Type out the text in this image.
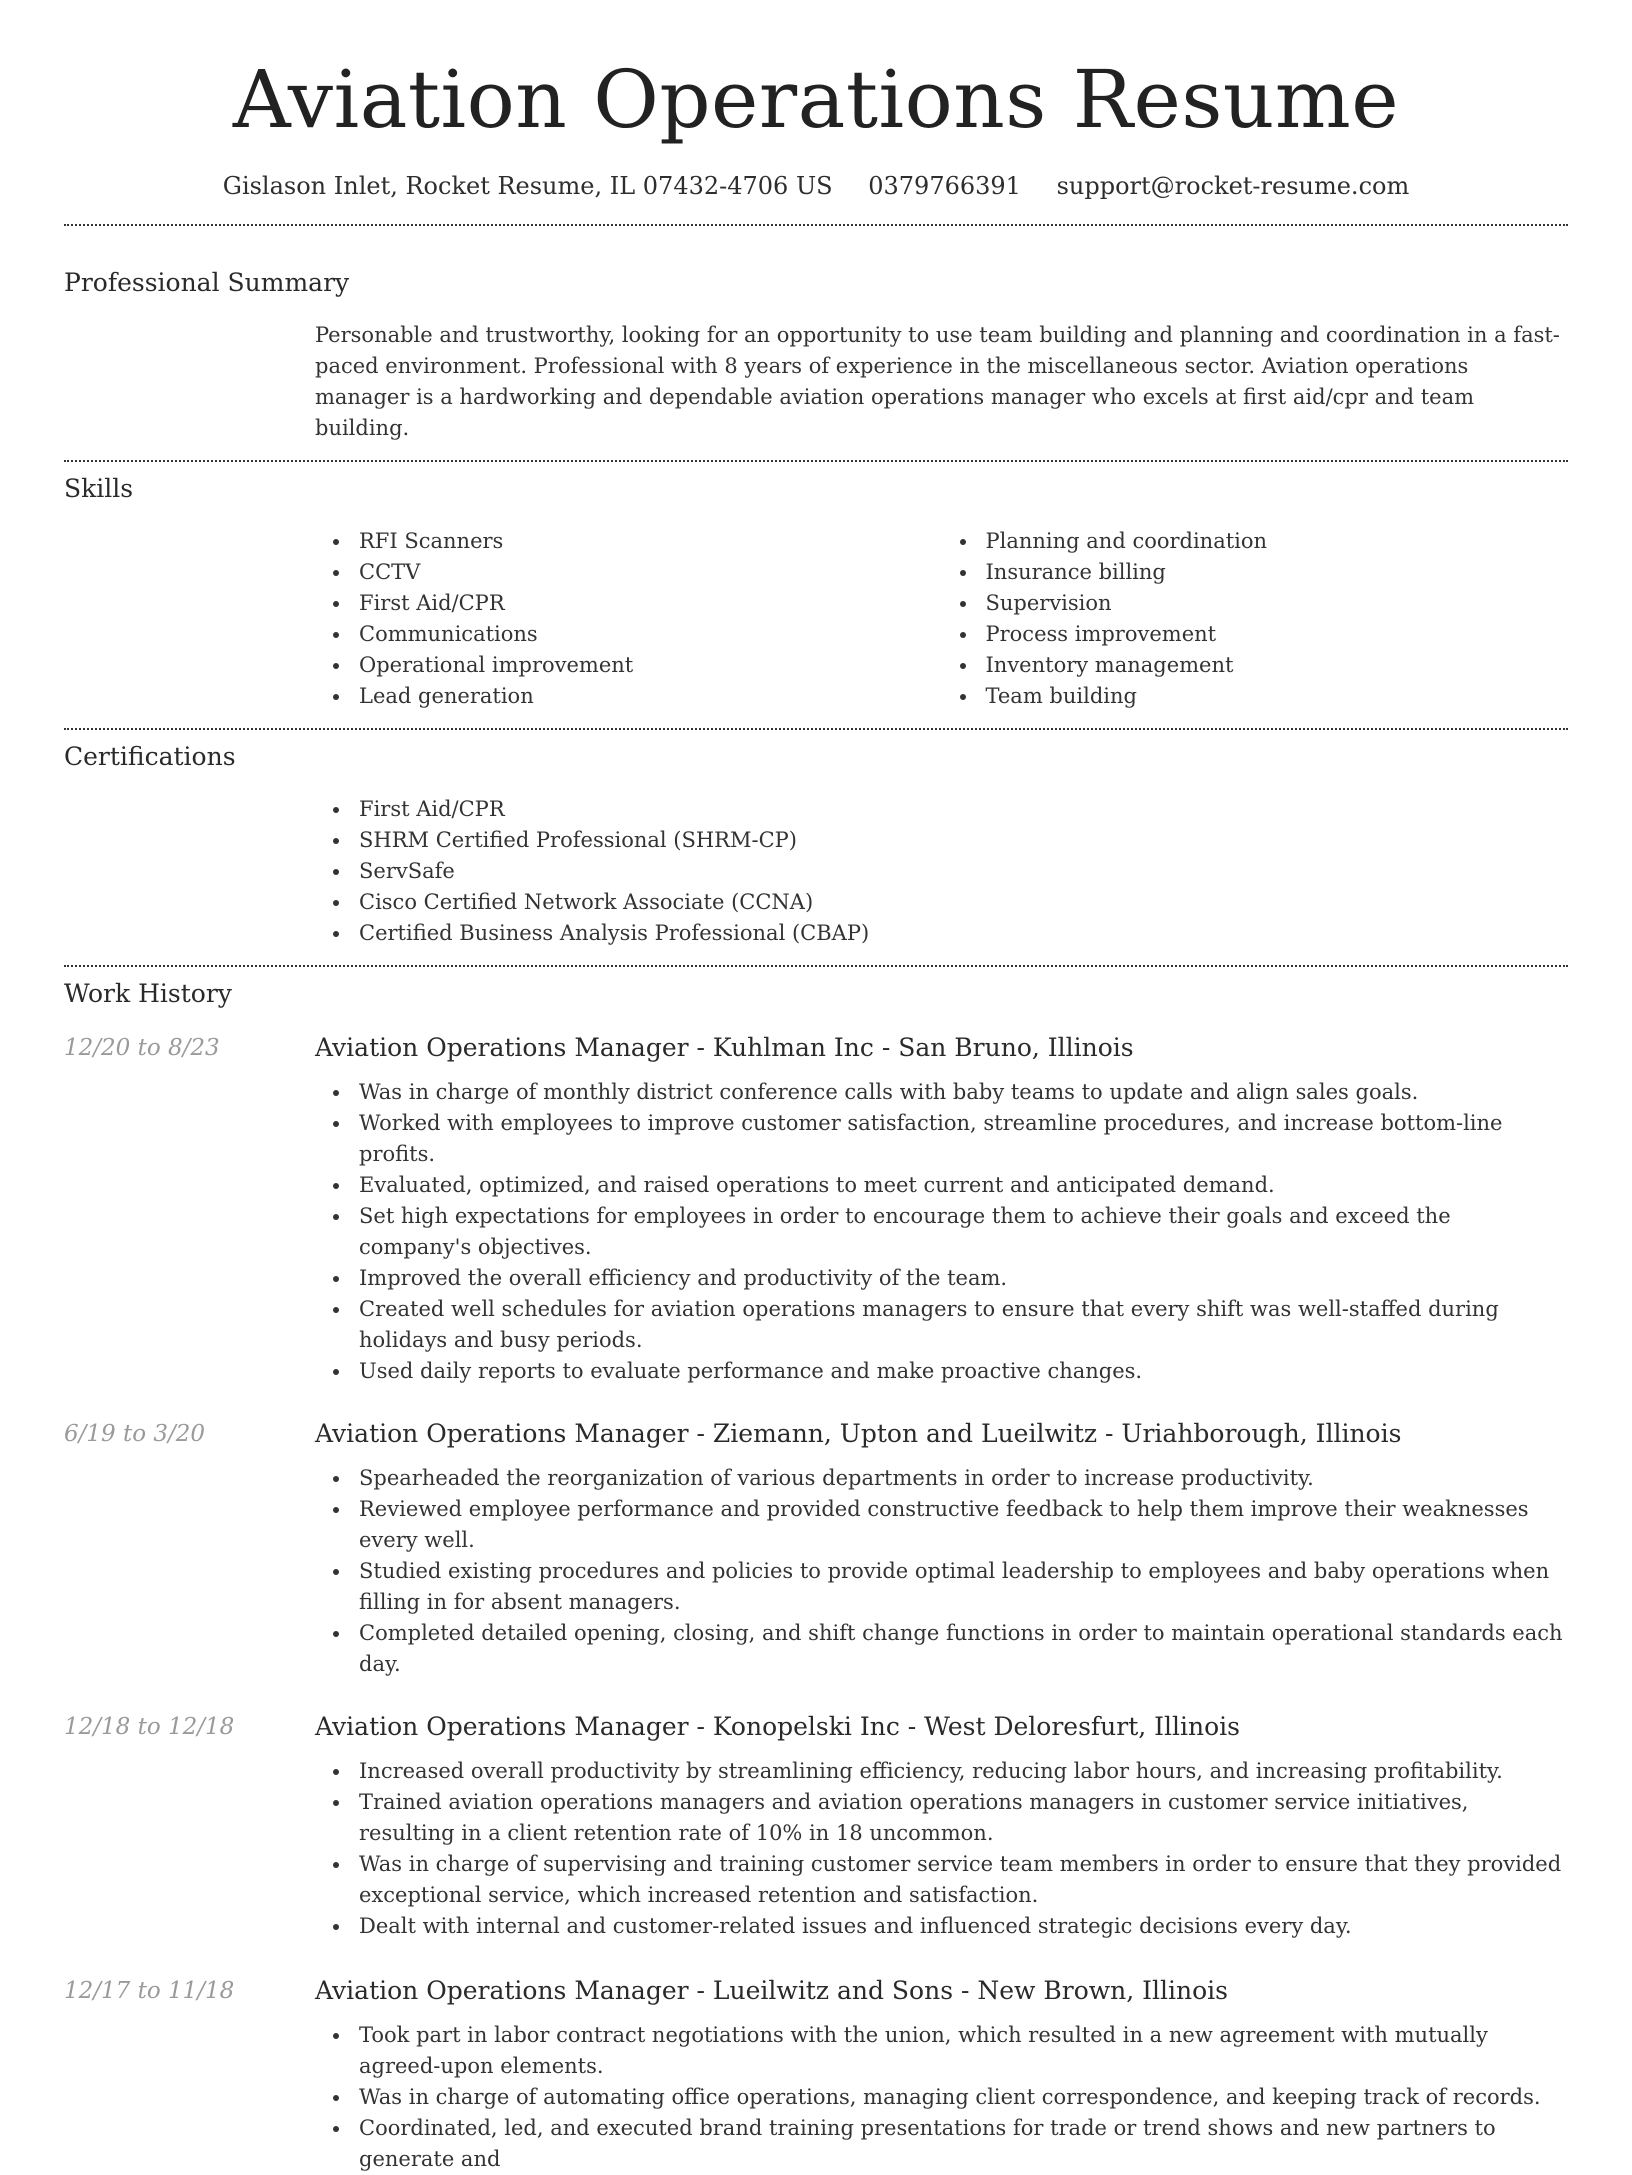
Aviation Operations Resume
Gislason Inlet, Rocket Resume, IL 07432-4706 US 0379766391 support@rocket-resume.com
Professional Summary
Personable and trustworthy, looking for an opportunity to use team building and planning and coordination in a fast-paced environment. Professional with 8 years of experience in the miscellaneous sector. Aviation operations manager is a hardworking and dependable aviation operations manager who excels at first aid/cpr and team building.
Skills
RFI Scanners
CCTV
First Aid/CPR
Communications
Operational improvement
Lead generation
Planning and coordination
Insurance billing
Supervision
Process improvement
Inventory management
Team building
Certifications
First Aid/CPR
SHRM Certified Professional (SHRM-CP)
ServSafe
Cisco Certified Network Associate (CCNA)
Certified Business Analysis Professional (CBAP)
Work History
12/20 to 8/23	Aviation Operations Manager - Kuhlman Inc - San Bruno, Illinois
Was in charge of monthly district conference calls with baby teams to update and align sales goals.
Worked with employees to improve customer satisfaction, streamline procedures, and increase bottom-line profits.
Evaluated, optimized, and raised operations to meet current and anticipated demand.
Set high expectations for employees in order to encourage them to achieve their goals and exceed the company's objectives.
Improved the overall efficiency and productivity of the team.
Created well schedules for aviation operations managers to ensure that every shift was well-staffed during holidays and busy periods.
Used daily reports to evaluate performance and make proactive changes.
6/19 to 3/20	Aviation Operations Manager - Ziemann, Upton and Lueilwitz - Uriahborough, Illinois
Spearheaded the reorganization of various departments in order to increase productivity.
Reviewed employee performance and provided constructive feedback to help them improve their weaknesses every well.
Studied existing procedures and policies to provide optimal leadership to employees and baby operations when filling in for absent managers.
Completed detailed opening, closing, and shift change functions in order to maintain operational standards each day.
12/18 to 12/18	Aviation Operations Manager - Konopelski Inc - West Deloresfurt, Illinois
Increased overall productivity by streamlining efficiency, reducing labor hours, and increasing profitability.
Trained aviation operations managers and aviation operations managers in customer service initiatives, resulting in a client retention rate of 10% in 18 uncommon.
Was in charge of supervising and training customer service team members in order to ensure that they provided exceptional service, which increased retention and satisfaction.
Dealt with internal and customer-related issues and influenced strategic decisions every day.
12/17 to 11/18	Aviation Operations Manager - Lueilwitz and Sons - New Brown, Illinois
Took part in labor contract negotiations with the union, which resulted in a new agreement with mutually agreed-upon elements.
Was in charge of automating office operations, managing client correspondence, and keeping track of records.
Coordinated, led, and executed brand training presentations for trade or trend shows and new partners to generate and
